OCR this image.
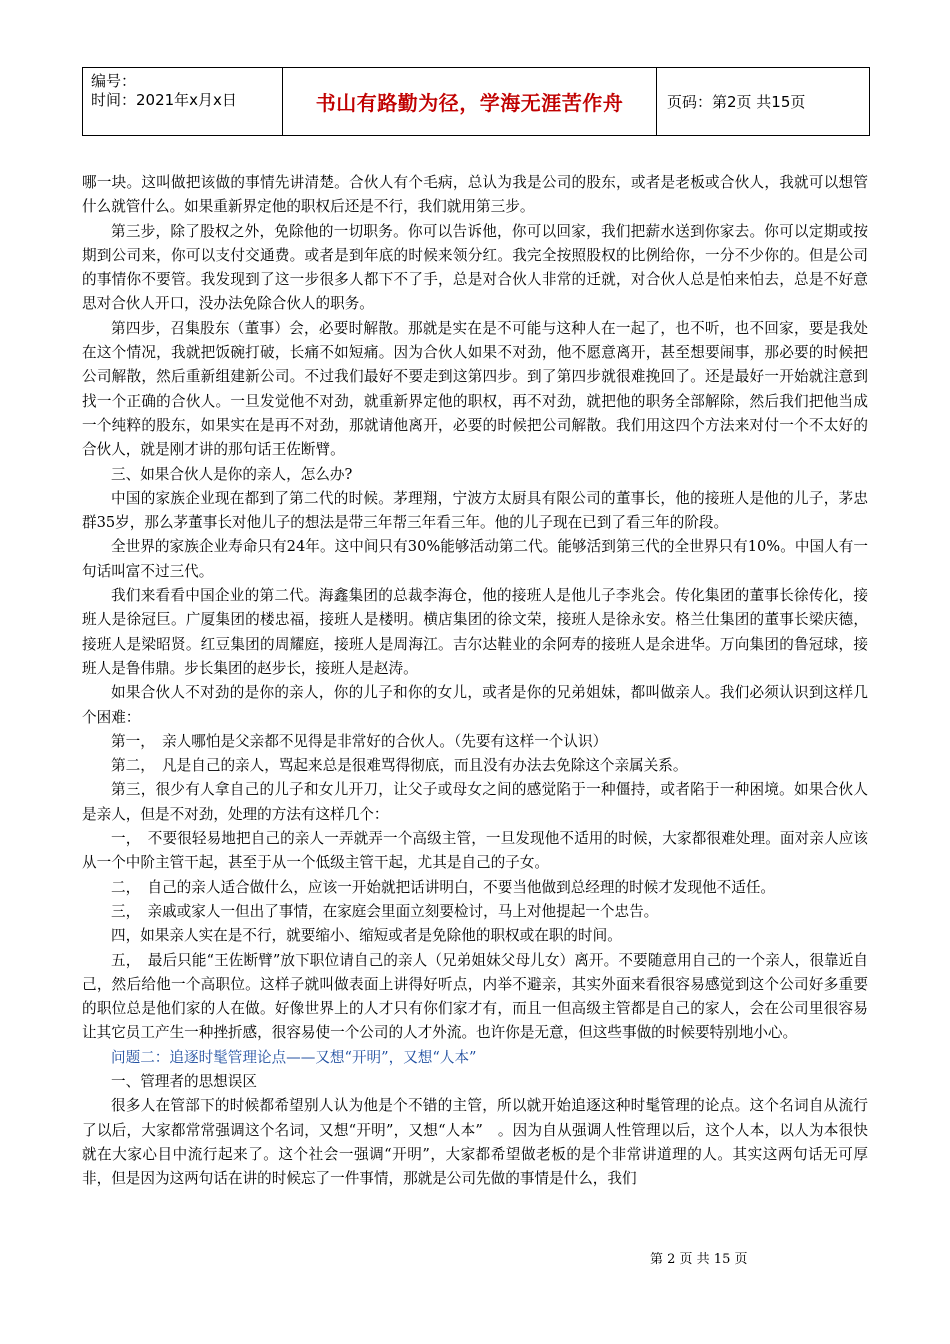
编号：
时间：2021年x月x日	书山有路勤为径，学海无涯苦作舟	页码：第2页 共15页

哪一块。这叫做把该做的事情先讲清楚。合伙人有个毛病，总认为我是公司的股东，或者是老板或合伙人，我就可以想管什么就管什么。如果重新界定他的职权后还是不行，我们就用第三步。

第三步，除了股权之外，免除他的一切职务。你可以告诉他，你可以回家，我们把薪水送到你家去。你可以定期或按期到公司来，你可以支付交通费。或者是到年底的时候来领分红。我完全按照股权的比例给你，一分不少你的。但是公司的事情你不要管。我发现到了这一步很多人都下不了手，总是对合伙人非常的迁就，对合伙人总是怕来怕去，总是不好意思对合伙人开口，没办法免除合伙人的职务。

第四步，召集股东（董事）会，必要时解散。那就是实在是不可能与这种人在一起了，也不听，也不回家，要是我处在这个情况，我就把饭碗打破，长痛不如短痛。因为合伙人如果不对劲，他不愿意离开，甚至想要闹事，那必要的时候把公司解散，然后重新组建新公司。不过我们最好不要走到这第四步。到了第四步就很难挽回了。还是最好一开始就注意到找一个正确的合伙人。一旦发觉他不对劲，就重新界定他的职权，再不对劲，就把他的职务全部解除，然后我们把他当成一个纯粹的股东，如果实在是再不对劲，那就请他离开，必要的时候把公司解散。我们用这四个方法来对付一个不太好的合伙人，就是刚才讲的那句话王佐断臂。

三、如果合伙人是你的亲人，怎么办?

中国的家族企业现在都到了第二代的时候。茅理翔，宁波方太厨具有限公司的董事长，他的接班人是他的儿子，茅忠群35岁，那么茅董事长对他儿子的想法是带三年帮三年看三年。他的儿子现在已到了看三年的阶段。

全世界的家族企业寿命只有24年。这中间只有30%能够活动第二代。能够活到第三代的全世界只有10%。中国人有一句话叫富不过三代。

我们来看看中国企业的第二代。海鑫集团的总裁李海仓，他的接班人是他儿子李兆会。传化集团的董事长徐传化，接班人是徐冠巨。广厦集团的楼忠福，接班人是楼明。横店集团的徐文荣，接班人是徐永安。格兰仕集团的董事长梁庆德，接班人是梁昭贤。红豆集团的周耀庭，接班人是周海江。吉尔达鞋业的余阿寿的接班人是余进华。万向集团的鲁冠球，接班人是鲁伟鼎。步长集团的赵步长，接班人是赵涛。

如果合伙人不对劲的是你的亲人，你的儿子和你的女儿，或者是你的兄弟姐妹，都叫做亲人。我们必须认识到这样几个困难：

第一，　亲人哪怕是父亲都不见得是非常好的合伙人。（先要有这样一个认识）

第二，　凡是自己的亲人，骂起来总是很难骂得彻底，而且没有办法去免除这个亲属关系。

第三，很少有人拿自己的儿子和女儿开刀，让父子或母女之间的感觉陷于一种僵持，或者陷于一种困境。如果合伙人是亲人，但是不对劲，处理的方法有这样几个：

一，　不要很轻易地把自己的亲人一弄就弄一个高级主管，一旦发现他不适用的时候，大家都很难处理。面对亲人应该从一个中阶主管干起，甚至于从一个低级主管干起，尤其是自己的子女。

二，　自己的亲人适合做什么，应该一开始就把话讲明白，不要当他做到总经理的时候才发现他不适任。

三，　亲戚或家人一但出了事情，在家庭会里面立刻要检讨，马上对他提起一个忠告。

四，如果亲人实在是不行，就要缩小、缩短或者是免除他的职权或在职的时间。

五，　最后只能“王佐断臂”放下职位请自己的亲人（兄弟姐妹父母儿女）离开。不要随意用自己的一个亲人，很靠近自己，然后给他一个高职位。这样子就叫做表面上讲得好听点，内举不避亲，其实外面来看很容易感觉到这个公司好多重要的职位总是他们家的人在做。好像世界上的人才只有你们家才有，而且一但高级主管都是自己的家人，会在公司里很容易让其它员工产生一种挫折感，很容易使一个公司的人才外流。也许你是无意，但这些事做的时候要特别地小心。

问题二：追逐时髦管理论点——又想“开明”，又想“人本”

一、管理者的思想误区

很多人在管部下的时候都希望别人认为他是个不错的主管，所以就开始追逐这种时髦管理的论点。这个名词自从流行了以后，大家都常常强调这个名词，又想“开明”，又想“人本”　。因为自从强调人性管理以后，这个人本，以人为本很快就在大家心目中流行起来了。这个社会一强调“开明”，大家都希望做老板的是个非常讲道理的人。其实这两句话无可厚非，但是因为这两句话在讲的时候忘了一件事情，那就是公司先做的事情是什么，我们

第 2 页 共 15 页
